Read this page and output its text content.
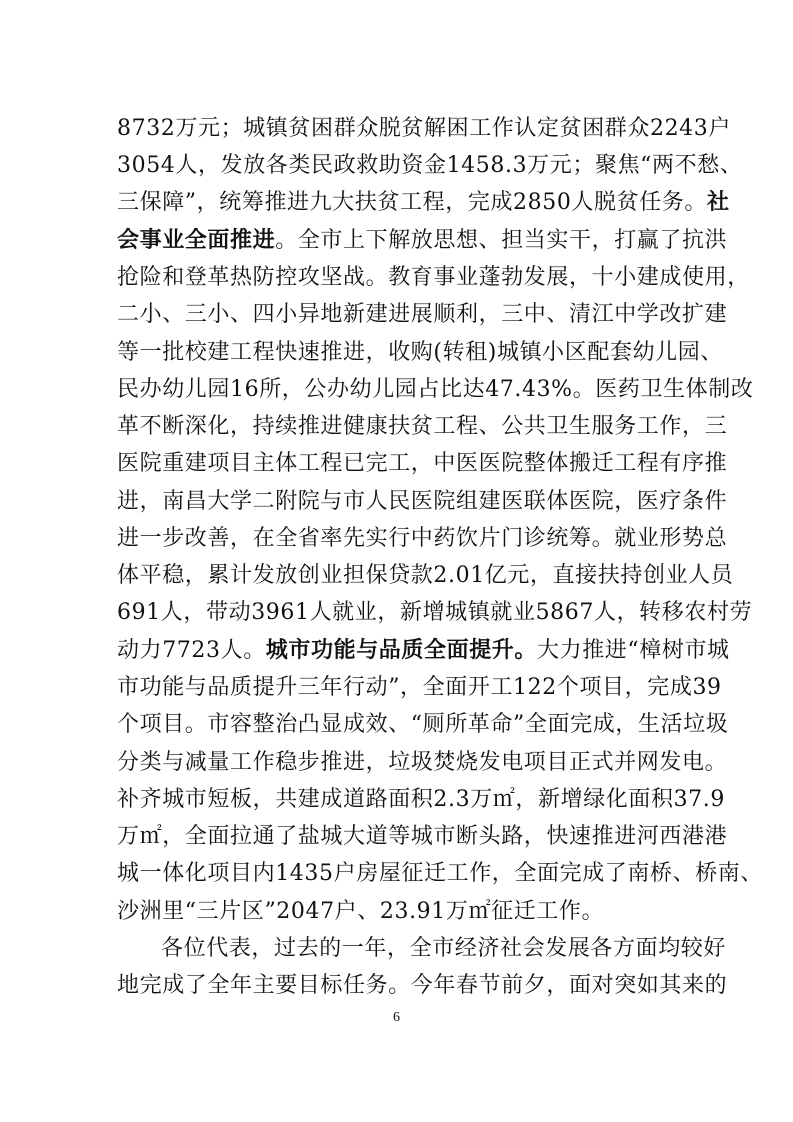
8732万元；城镇贫困群众脱贫解困工作认定贫困群众2243户
3054人，发放各类民政救助资金1458.3万元；聚焦“两不愁、
三保障”，统筹推进九大扶贫工程，完成2850人脱贫任务。社
会事业全面推进。全市上下解放思想、担当实干，打赢了抗洪
抢险和登革热防控攻坚战。教育事业蓬勃发展，十小建成使用，
二小、三小、四小异地新建进展顺利，三中、清江中学改扩建
等一批校建工程快速推进，收购(转租)城镇小区配套幼儿园、
民办幼儿园16所，公办幼儿园占比达47.43%。医药卫生体制改
革不断深化，持续推进健康扶贫工程、公共卫生服务工作，三
医院重建项目主体工程已完工，中医医院整体搬迁工程有序推
进，南昌大学二附院与市人民医院组建医联体医院，医疗条件
进一步改善，在全省率先实行中药饮片门诊统筹。就业形势总
体平稳，累计发放创业担保贷款2.01亿元，直接扶持创业人员
691人，带动3961人就业，新增城镇就业5867人，转移农村劳
动力7723人。城市功能与品质全面提升。大力推进“樟树市城
市功能与品质提升三年行动”，全面开工122个项目，完成39
个项目。市容整治凸显成效、“厕所革命”全面完成，生活垃圾
分类与减量工作稳步推进，垃圾焚烧发电项目正式并网发电。
补齐城市短板，共建成道路面积2.3万㎡，新增绿化面积37.9
万㎡，全面拉通了盐城大道等城市断头路，快速推进河西港港
城一体化项目内1435户房屋征迁工作，全面完成了南桥、桥南、
沙洲里“三片区”2047户、23.91万㎡征迁工作。
各位代表，过去的一年，全市经济社会发展各方面均较好
地完成了全年主要目标任务。今年春节前夕，面对突如其来的
6
